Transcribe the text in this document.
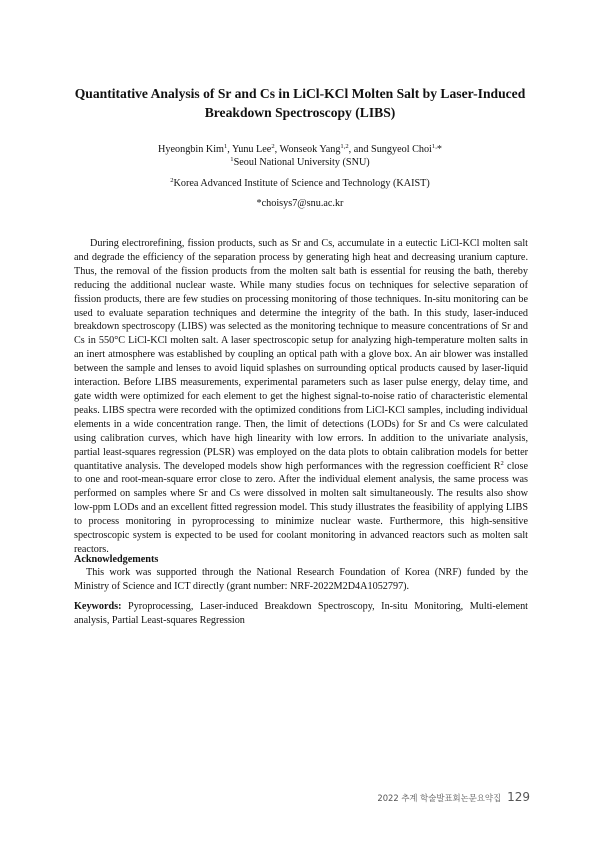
Quantitative Analysis of Sr and Cs in LiCl-KCl Molten Salt by Laser-Induced
Breakdown Spectroscopy (LIBS)
Hyeongbin Kim$^1$, Yunu Lee$^2$, Wonseok Yang$^{1,2}$, and Sungyeol Choi$^{1,}$*
$^1$Seoul National University (SNU)
$^2$Korea Advanced Institute of Science and Technology (KAIST)
*choisys7@snu.ac.kr

During electrorefining, fission products, such as Sr and Cs, accumulate in a eutectic LiCl-KCl molten salt and degrade the efficiency of the separation process by generating high heat and decreasing uranium capture. Thus, the removal of the fission products from the molten salt bath is essential for reusing the bath, thereby reducing the additional nuclear waste. While many studies focus on techniques for selective separation of fission products, there are few studies on processing monitoring of those techniques. In-situ monitoring can be used to evaluate separation techniques and determine the integrity of the bath. In this study, laser-induced breakdown spectroscopy (LIBS) was selected as the monitoring technique to measure concentrations of Sr and Cs in 550°C LiCl-KCl molten salt. A laser spectroscopic setup for analyzing high-temperature molten salts in an inert atmosphere was established by coupling an optical path with a glove box. An air blower was installed between the sample and lenses to avoid liquid splashes on surrounding optical products caused by laser-liquid interaction. Before LIBS measurements, experimental parameters such as laser pulse energy, delay time, and gate width were optimized for each element to get the highest signal-to-noise ratio of characteristic elemental peaks. LIBS spectra were recorded with the optimized conditions from LiCl-KCl samples, including individual elements in a wide concentration range. Then, the limit of detections (LODs) for Sr and Cs were calculated using calibration curves, which have high linearity with low errors. In addition to the univariate analysis, partial least-squares regression (PLSR) was employed on the data plots to obtain calibration models for better quantitative analysis. The developed models show high performances with the regression coefficient $R^2$ close to one and root-mean-square error close to zero. After the individual element analysis, the same process was performed on samples where Sr and Cs were dissolved in molten salt simultaneously. The results also show low-ppm LODs and an excellent fitted regression model. This study illustrates the feasibility of applying LIBS to process monitoring in pyroprocessing to minimize nuclear waste. Furthermore, this high-sensitive spectroscopic system is expected to be used for coolant monitoring in advanced reactors such as molten salt reactors.

Acknowledgements

This work was supported through the National Research Foundation of Korea (NRF) funded by the Ministry of Science and ICT directly (grant number: NRF-2022M2D4A1052797).

Keywords: Pyroprocessing, Laser-induced Breakdown Spectroscopy, In-situ Monitoring, Multi-element analysis, Partial Least-squares Regression

2022 추계 학술발표회논문요약집 129
